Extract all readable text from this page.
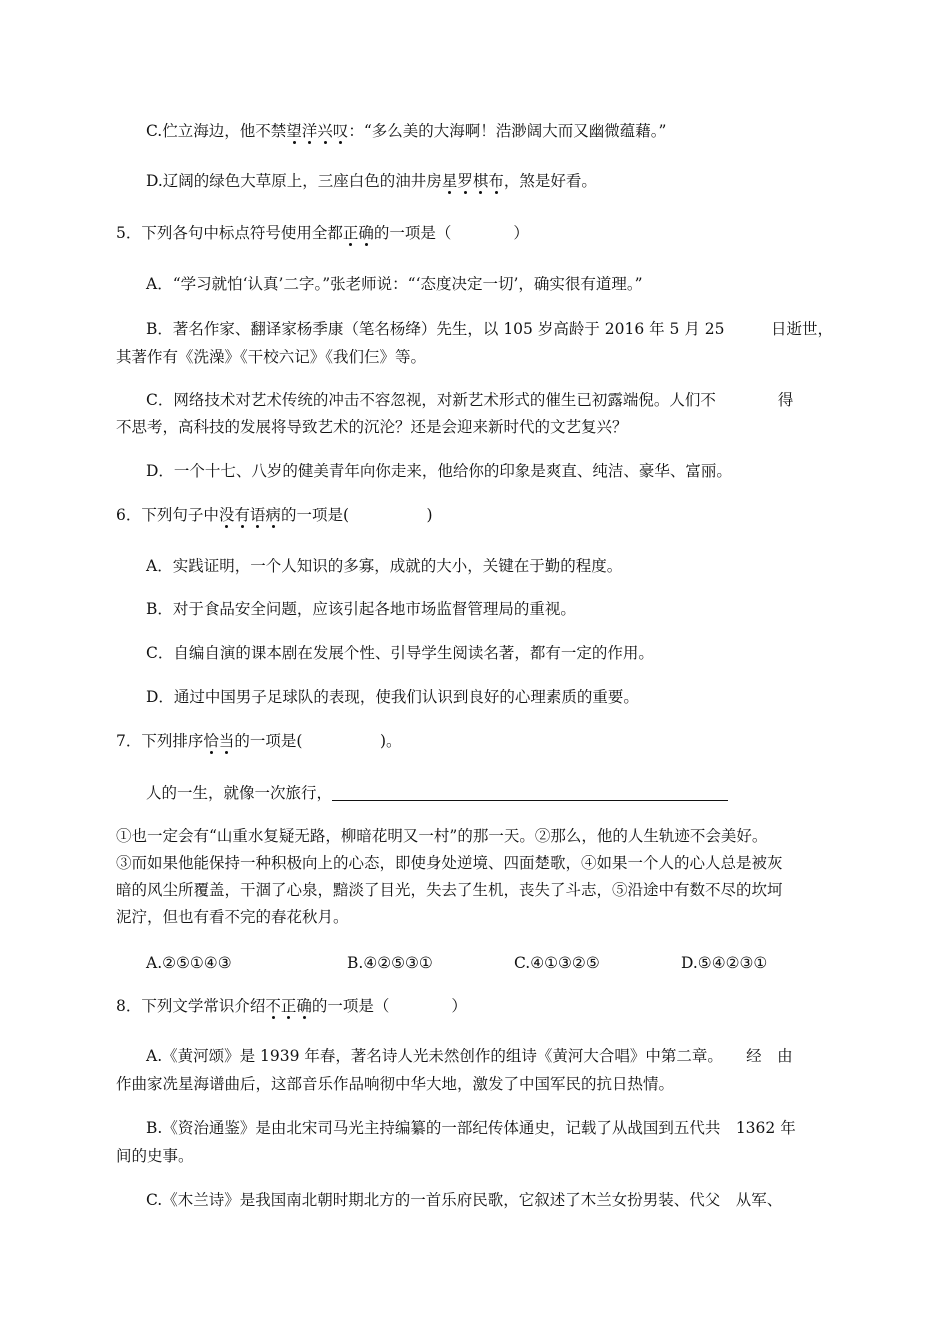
C.伫立海边，他不禁望洋兴叹：“多么美的大海啊！浩渺阔大而又幽微蕴藉。”

D.辽阔的绿色大草原上，三座白色的油井房星罗棋布，煞是好看。

5．下列各句中标点符号使用全都正确的一项是（　　　　）

A．“学习就怕‘认真’二字。”张老师说：“‘态度决定一切’，确实很有道理。”

B．著名作家、翻译家杨季康（笔名杨绛）先生，以 105 岁高龄于 2016 年 5 月 25　　　日逝世，

其著作有《洗澡》《干校六记》《我们仨》等。

C．网络技术对艺术传统的冲击不容忽视，对新艺术形式的催生已初露端倪。人们不　　　　得

不思考，高科技的发展将导致艺术的沉沦？还是会迎来新时代的文艺复兴？

D．一个十七、八岁的健美青年向你走来，他给你的印象是爽直、纯洁、豪华、富丽。

6．下列句子中没有语病的一项是(　　　　　)

A．实践证明，一个人知识的多寡，成就的大小，关键在于勤的程度。

B．对于食品安全问题，应该引起各地市场监督管理局的重视。

C．自编自演的课本剧在发展个性、引导学生阅读名著，都有一定的作用。

D．通过中国男子足球队的表现，使我们认识到良好的心理素质的重要。

7．下列排序恰当的一项是(　　　　　)。

人的一生，就像一次旅行，

①也一定会有“山重水复疑无路，柳暗花明又一村”的那一天。②那么，他的人生轨迹不会美好。

③而如果他能保持一种积极向上的心态，即使身处逆境、四面楚歌，④如果一个人的心人总是被灰

暗的风尘所覆盖，干涸了心泉，黯淡了目光，失去了生机，丧失了斗志，⑤沿途中有数不尽的坎坷

泥泞，但也有看不完的春花秋月。

A.②⑤①④③	B.④②⑤③①	C.④①③②⑤	D.⑤④②③①

8．下列文学常识介绍不正确的一项是（　　　　）

A.《黄河颂》是 1939 年春，著名诗人光未然创作的组诗《黄河大合唱》中第二章。　　经　由

作曲家冼星海谱曲后，这部音乐作品响彻中华大地，激发了中国军民的抗日热情。

B.《资治通鉴》是由北宋司马光主持编纂的一部纪传体通史，记载了从战国到五代共　1362 年

间的史事。

C.《木兰诗》是我国南北朝时期北方的一首乐府民歌，它叙述了木兰女扮男装、代父　从军、
